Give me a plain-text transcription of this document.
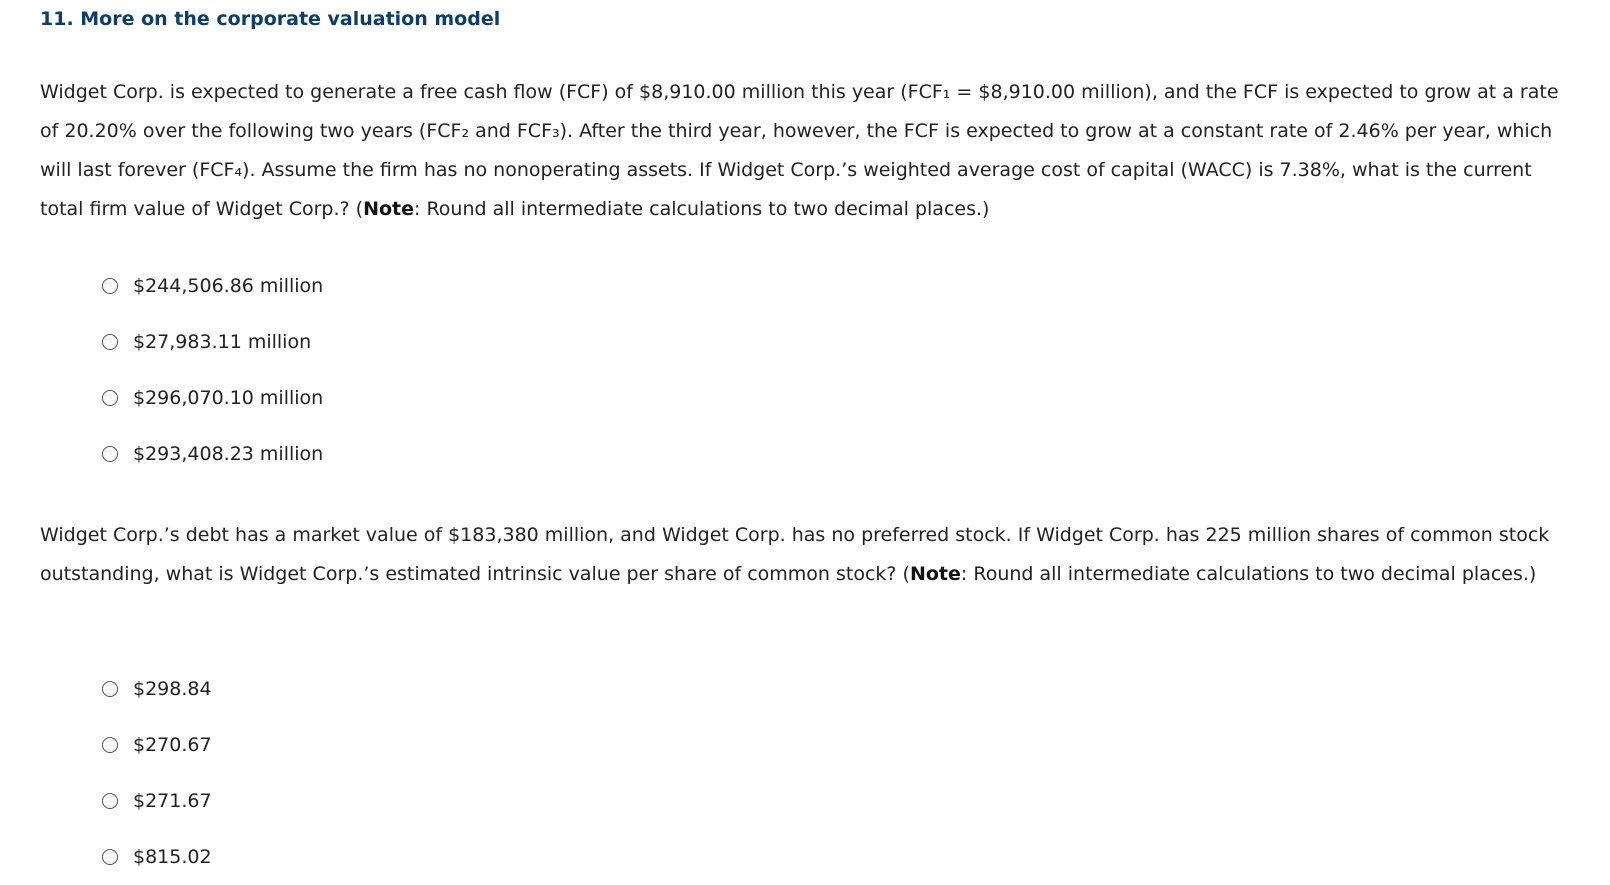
11. More on the corporate valuation model

Widget Corp. is expected to generate a free cash flow (FCF) of $8,910.00 million this year (FCF₁ = $8,910.00 million), and the FCF is expected to grow at a rate of 20.20% over the following two years (FCF₂ and FCF₃). After the third year, however, the FCF is expected to grow at a constant rate of 2.46% per year, which will last forever (FCF₄). Assume the firm has no nonoperating assets. If Widget Corp.’s weighted average cost of capital (WACC) is 7.38%, what is the current total firm value of Widget Corp.? (Note: Round all intermediate calculations to two decimal places.)

$244,506.86 million
$27,983.11 million
$296,070.10 million
$293,408.23 million

Widget Corp.’s debt has a market value of $183,380 million, and Widget Corp. has no preferred stock. If Widget Corp. has 225 million shares of common stock outstanding, what is Widget Corp.’s estimated intrinsic value per share of common stock? (Note: Round all intermediate calculations to two decimal places.)

$298.84
$270.67
$271.67
$815.02
